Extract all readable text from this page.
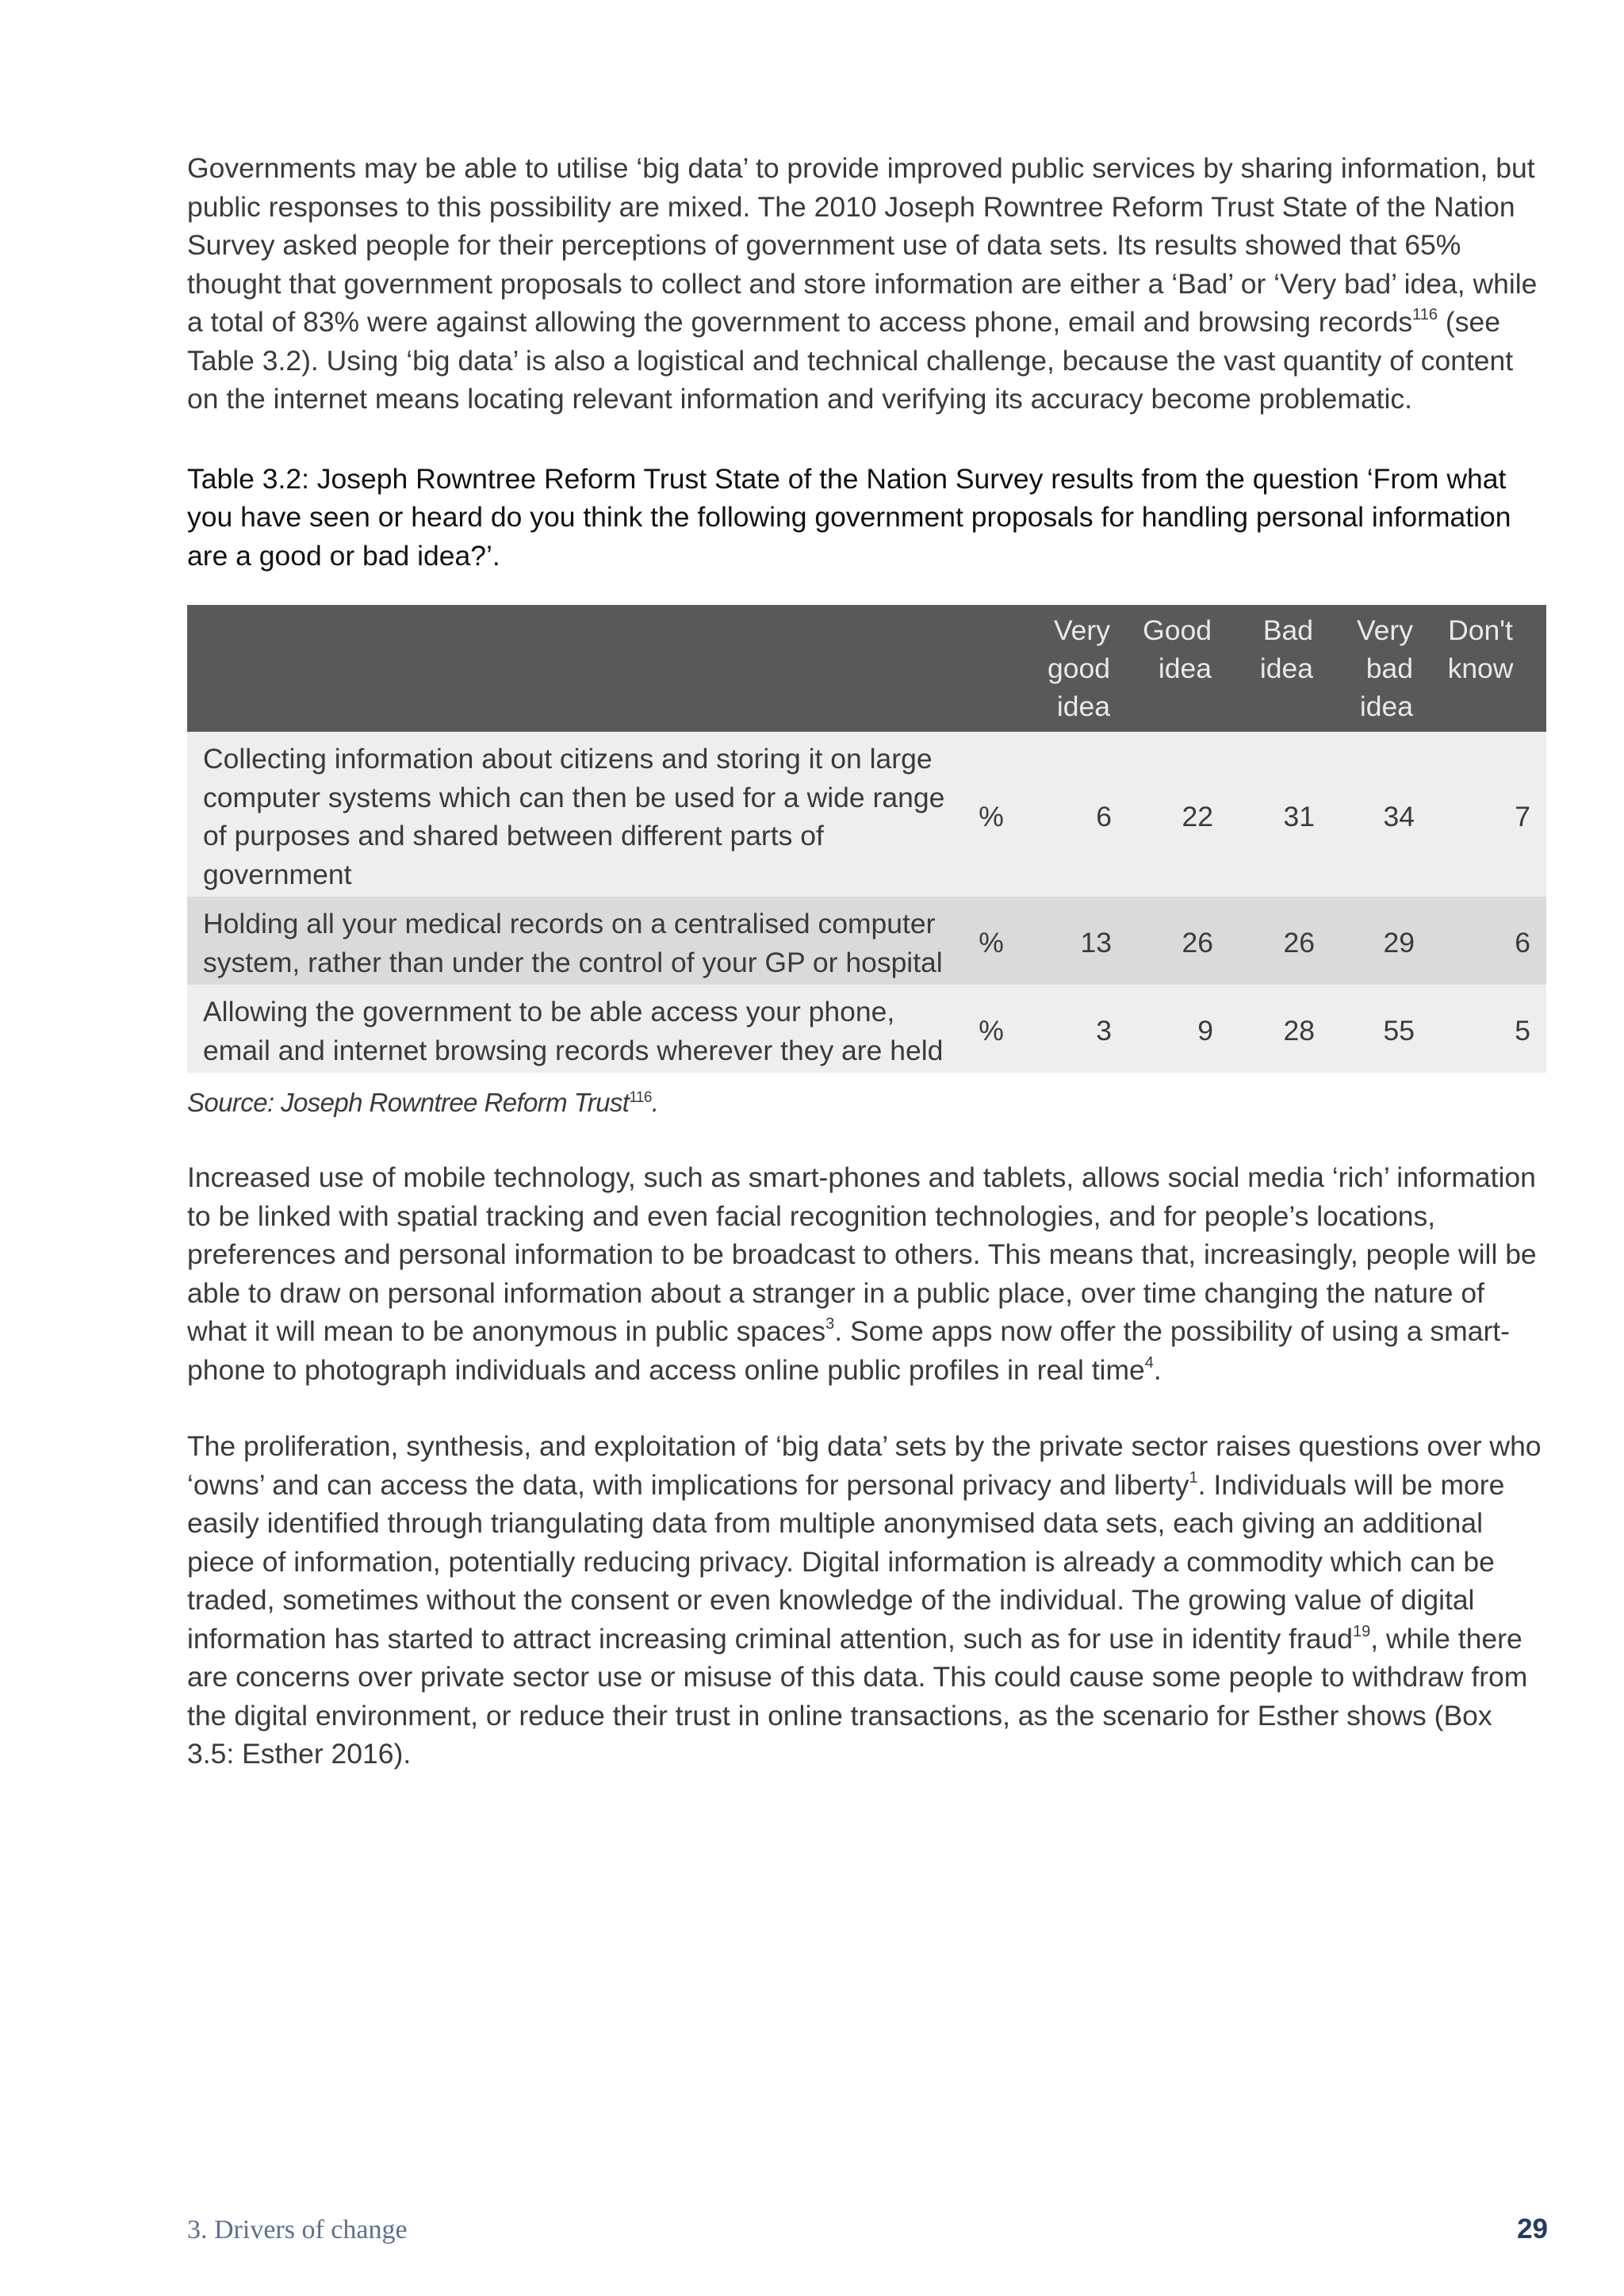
Governments may be able to utilise ‘big data’ to provide improved public services by sharing information, but public responses to this possibility are mixed. The 2010 Joseph Rowntree Reform Trust State of the Nation Survey asked people for their perceptions of government use of data sets. Its results showed that 65% thought that government proposals to collect and store information are either a ‘Bad’ or ‘Very bad’ idea, while a total of 83% were against allowing the government to access phone, email and browsing records$^{116}$ (see Table 3.2). Using ‘big data’ is also a logistical and technical challenge, because the vast quantity of content on the internet means locating relevant information and verifying its accuracy become problematic.

Table 3.2: Joseph Rowntree Reform Trust State of the Nation Survey results from the question ‘From what you have seen or heard do you think the following government proposals for handling personal information are a good or bad idea?’.

		Very good idea	Good idea	Bad idea	Very bad idea	Don't know
Collecting information about citizens and storing it on large computer systems which can then be used for a wide range of purposes and shared between different parts of government	%	6	22	31	34	7
Holding all your medical records on a centralised computer system, rather than under the control of your GP or hospital	%	13	26	26	29	6
Allowing the government to be able access your phone, email and internet browsing records wherever they are held	%	3	9	28	55	5

Source: Joseph Rowntree Reform Trust$^{116}$.

Increased use of mobile technology, such as smart-phones and tablets, allows social media ‘rich’ information to be linked with spatial tracking and even facial recognition technologies, and for people’s locations, preferences and personal information to be broadcast to others. This means that, increasingly, people will be able to draw on personal information about a stranger in a public place, over time changing the nature of what it will mean to be anonymous in public spaces$^3$. Some apps now offer the possibility of using a smart-phone to photograph individuals and access online public profiles in real time$^4$.

The proliferation, synthesis, and exploitation of ‘big data’ sets by the private sector raises questions over who ‘owns’ and can access the data, with implications for personal privacy and liberty$^1$. Individuals will be more easily identified through triangulating data from multiple anonymised data sets, each giving an additional piece of information, potentially reducing privacy. Digital information is already a commodity which can be traded, sometimes without the consent or even knowledge of the individual. The growing value of digital information has started to attract increasing criminal attention, such as for use in identity fraud$^{19}$, while there are concerns over private sector use or misuse of this data. This could cause some people to withdraw from the digital environment, or reduce their trust in online transactions, as the scenario for Esther shows (Box 3.5: Esther 2016).

3. Drivers of change	29
